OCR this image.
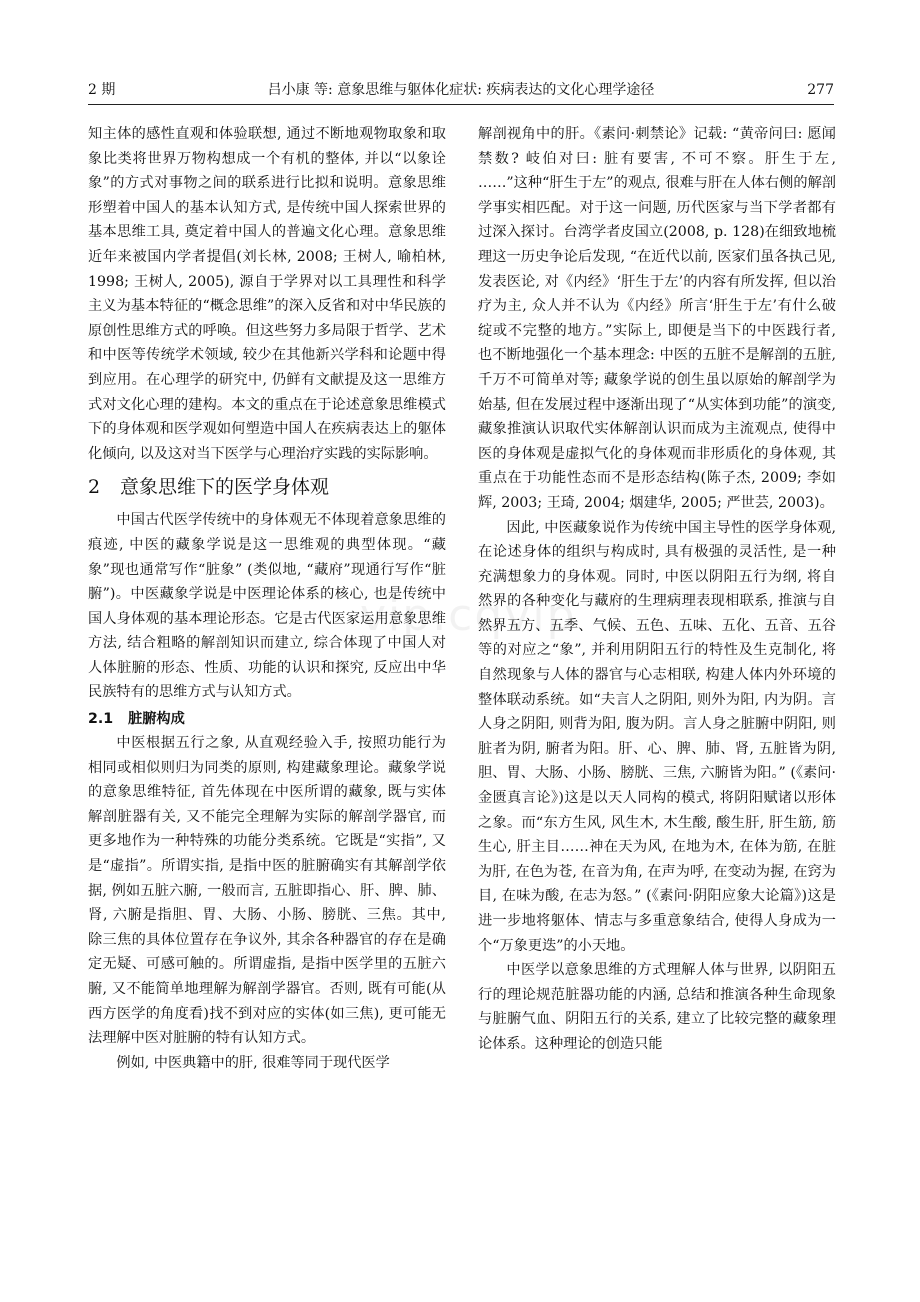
2 期	吕小康 等: 意象思维与躯体化症状: 疾病表达的文化心理学途径	277
vip.cqvip

知主体的感性直观和体验联想, 通过不断地观物取象和取象比类将世界万物构想成一个有机的整体, 并以“以象诠象”的方式对事物之间的联系进行比拟和说明。意象思维形塑着中国人的基本认知方式, 是传统中国人探索世界的基本思维工具, 奠定着中国人的普遍文化心理。意象思维近年来被国内学者提倡(刘长林, 2008; 王树人, 喻柏林, 1998; 王树人, 2005), 源自于学界对以工具理性和科学主义为基本特征的“概念思维”的深入反省和对中华民族的原创性思维方式的呼唤。但这些努力多局限于哲学、艺术和中医等传统学术领域, 较少在其他新兴学科和论题中得到应用。在心理学的研究中, 仍鲜有文献提及这一思维方式对文化心理的建构。本文的重点在于论述意象思维模式下的身体观和医学观如何塑造中国人在疾病表达上的躯体化倾向, 以及这对当下医学与心理治疗实践的实际影响。

2 意象思维下的医学身体观

中国古代医学传统中的身体观无不体现着意象思维的痕迹, 中医的藏象学说是这一思维观的典型体现。“藏象”现也通常写作“脏象” (类似地, “藏府”现通行写作“脏腑”)。中医藏象学说是中医理论体系的核心, 也是传统中国人身体观的基本理论形态。它是古代医家运用意象思维方法, 结合粗略的解剖知识而建立, 综合体现了中国人对人体脏腑的形态、性质、功能的认识和探究, 反应出中华民族特有的思维方式与认知方式。

2.1 脏腑构成

中医根据五行之象, 从直观经验入手, 按照功能行为相同或相似则归为同类的原则, 构建藏象理论。藏象学说的意象思维特征, 首先体现在中医所谓的藏象, 既与实体解剖脏器有关, 又不能完全理解为实际的解剖学器官, 而更多地作为一种特殊的功能分类系统。它既是“实指”, 又是“虚指”。所谓实指, 是指中医的脏腑确实有其解剖学依据, 例如五脏六腑, 一般而言, 五脏即指心、肝、脾、肺、肾, 六腑是指胆、胃、大肠、小肠、膀胱、三焦。其中, 除三焦的具体位置存在争议外, 其余各种器官的存在是确定无疑、可感可触的。所谓虚指, 是指中医学里的五脏六腑, 又不能简单地理解为解剖学器官。否则, 既有可能(从西方医学的角度看)找不到对应的实体(如三焦), 更可能无法理解中医对脏腑的特有认知方式。

例如, 中医典籍中的肝, 很难等同于现代医学

解剖视角中的肝。《素问·刺禁论》记载: “黄帝问曰: 愿闻禁数? 岐伯对曰: 脏有要害, 不可不察。肝生于左, ……”这种“肝生于左”的观点, 很难与肝在人体右侧的解剖学事实相匹配。对于这一问题, 历代医家与当下学者都有过深入探讨。台湾学者皮国立(2008, p. 128)在细致地梳理这一历史争论后发现, “在近代以前, 医家们虽各执己见, 发表医论, 对《内经》‘肝生于左’的内容有所发挥, 但以治疗为主, 众人并不认为《内经》所言‘肝生于左’有什么破绽或不完整的地方。”实际上, 即便是当下的中医践行者, 也不断地强化一个基本理念: 中医的五脏不是解剖的五脏, 千万不可简单对等; 藏象学说的创生虽以原始的解剖学为始基, 但在发展过程中逐渐出现了“从实体到功能”的演变, 藏象推演认识取代实体解剖认识而成为主流观点, 使得中医的身体观是虚拟气化的身体观而非形质化的身体观, 其重点在于功能性态而不是形态结构(陈子杰, 2009; 李如辉, 2003; 王琦, 2004; 烟建华, 2005; 严世芸, 2003)。

因此, 中医藏象说作为传统中国主导性的医学身体观, 在论述身体的组织与构成时, 具有极强的灵活性, 是一种充满想象力的身体观。同时, 中医以阴阳五行为纲, 将自然界的各种变化与藏府的生理病理表现相联系, 推演与自然界五方、五季、气候、五色、五味、五化、五音、五谷等的对应之“象”, 并利用阴阳五行的特性及生克制化, 将自然现象与人体的器官与心志相联, 构建人体内外环境的整体联动系统。如“夫言人之阴阳, 则外为阳, 内为阴。言人身之阴阳, 则背为阳, 腹为阴。言人身之脏腑中阴阳, 则脏者为阴, 腑者为阳。肝、心、脾、肺、肾, 五脏皆为阴, 胆、胃、大肠、小肠、膀胱、三焦, 六腑皆为阳。” (《素问·金匮真言论》)这是以天人同构的模式, 将阴阳赋诸以形体之象。而“东方生风, 风生木, 木生酸, 酸生肝, 肝生筋, 筋生心, 肝主目……神在天为风, 在地为木, 在体为筋, 在脏为肝, 在色为苍, 在音为角, 在声为呼, 在变动为握, 在窍为目, 在味为酸, 在志为怒。” (《素问·阴阳应象大论篇》)这是进一步地将躯体、情志与多重意象结合, 使得人身成为一个“万象更迭”的小天地。

中医学以意象思维的方式理解人体与世界, 以阴阳五行的理论规范脏器功能的内涵, 总结和推演各种生命现象与脏腑气血、阴阳五行的关系, 建立了比较完整的藏象理论体系。这种理论的创造只能
